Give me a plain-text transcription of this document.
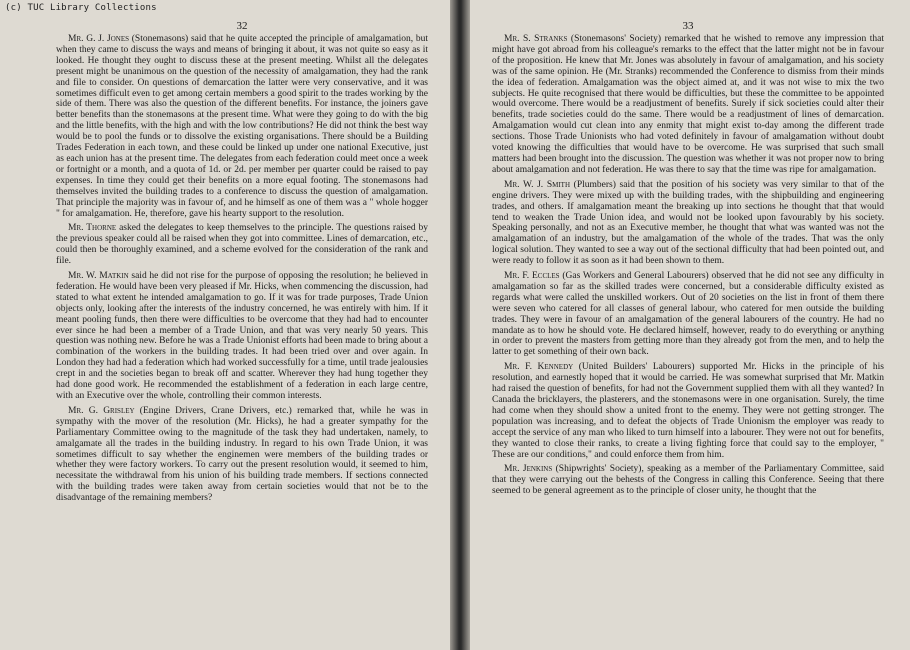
32

Mr. G. J. Jones (Stonemasons) said that he quite accepted the principle of amalgamation, but when they came to discuss the ways and means of bringing it about, it was not quite so easy as it looked. He thought they ought to discuss these at the present meeting. Whilst all the delegates present might be unanimous on the question of the necessity of amalgamation, they had the rank and file to consider. On questions of demarcation the latter were very conservative, and it was sometimes difficult even to get among certain members a good spirit to the trades working by the side of them. There was also the question of the different benefits. For instance, the joiners gave better benefits than the stonemasons at the present time. What were they going to do with the big and the little benefits, with the high and with the low contributions? He did not think the best way would be to pool the funds or to dissolve the existing organisations. There should be a Building Trades Federation in each town, and these could be linked up under one national Executive, just as each union has at the present time. The delegates from each federation could meet once a week or fortnight or a month, and a quota of 1d. or 2d. per member per quarter could be raised to pay expenses. In time they could get their benefits on a more equal footing. The stonemasons had themselves invited the building trades to a conference to discuss the question of amalgamation. That principle the majority was in favour of, and he himself as one of them was a " whole hogger " for amalgamation. He, therefore, gave his hearty support to the resolution.

Mr. Thorne asked the delegates to keep themselves to the principle. The questions raised by the previous speaker could all be raised when they got into committee. Lines of demarcation, etc., could then be thoroughly examined, and a scheme evolved for the consideration of the rank and file.

Mr. W. Matkin said he did not rise for the purpose of opposing the resolution; he believed in federation. He would have been very pleased if Mr. Hicks, when commencing the discussion, had stated to what extent he intended amalgamation to go. If it was for trade purposes, Trade Union objects only, looking after the interests of the industry concerned, he was entirely with him. If it meant pooling funds, then there were difficulties to be overcome that they had had to encounter ever since he had been a member of a Trade Union, and that was very nearly 50 years. This question was nothing new. Before he was a Trade Unionist efforts had been made to bring about a combination of the workers in the building trades. It had been tried over and over again. In London they had had a federation which had worked successfully for a time, until trade jealousies crept in and the societies began to break off and scatter. Wherever they had hung together they had done good work. He recommended the establishment of a federation in each large centre, with an Executive over the whole, controlling their common interests.

Mr. G. Grisley (Engine Drivers, Crane Drivers, etc.) remarked that, while he was in sympathy with the mover of the resolution (Mr. Hicks), he had a greater sympathy for the Parliamentary Committee owing to the magnitude of the task they had undertaken, namely, to amalgamate all the trades in the building industry. In regard to his own Trade Union, it was sometimes difficult to say whether the enginemen were members of the building trades or whether they were factory workers. To carry out the present resolution would, it seemed to him, necessitate the withdrawal from his union of his building trade members. If sections connected with the building trades were taken away from certain societies would that not be to the disadvantage of the remaining members?

33

Mr. S. Stranks (Stonemasons' Society) remarked that he wished to remove any impression that might have got abroad from his colleague's remarks to the effect that the latter might not be in favour of the proposition. He knew that Mr. Jones was absolutely in favour of amalgamation, and his society was of the same opinion. He (Mr. Stranks) recommended the Conference to dismiss from their minds the idea of federation. Amalgamation was the object aimed at, and it was not wise to mix the two subjects. He quite recognised that there would be difficulties, but these the committee to be appointed would overcome. There would be a readjustment of benefits. Surely if sick societies could alter their benefits, trade societies could do the same. There would be a readjustment of lines of demarcation. Amalgamation would cut clean into any enmity that might exist to-day among the different trade sections. Those Trade Unionists who had voted definitely in favour of amalgamation without doubt voted knowing the difficulties that would have to be overcome. He was surprised that such small matters had been brought into the discussion. The question was whether it was not proper now to bring about amalgamation and not federation. He was there to say that the time was ripe for amalgamation.

Mr. W. J. Smith (Plumbers) said that the position of his society was very similar to that of the engine drivers. They were mixed up with the building trades, with the shipbuilding and engineering trades, and others. If amalgamation meant the breaking up into sections he thought that that would tend to weaken the Trade Union idea, and would not be looked upon favourably by his society. Speaking personally, and not as an Executive member, he thought that what was wanted was not the amalgamation of an industry, but the amalgamation of the whole of the trades. That was the only logical solution. They wanted to see a way out of the sectional difficulty that had been pointed out, and were ready to follow it as soon as it had been shown to them.

Mr. F. Eccles (Gas Workers and General Labourers) observed that he did not see any difficulty in amalgamation so far as the skilled trades were concerned, but a considerable difficulty existed as regards what were called the unskilled workers. Out of 20 societies on the list in front of them there were seven who catered for all classes of general labour, who catered for men outside the building trades. They were in favour of an amalgamation of the general labourers of the country. He had no mandate as to how he should vote. He declared himself, however, ready to do everything or anything in order to prevent the masters from getting more than they already got from the men, and to help the latter to get something of their own back.

Mr. F. Kennedy (United Builders' Labourers) supported Mr. Hicks in the principle of his resolution, and earnestly hoped that it would be carried. He was somewhat surprised that Mr. Matkin had raised the question of benefits, for had not the Government supplied them with all they wanted? In Canada the bricklayers, the plasterers, and the stonemasons were in one organisation. Surely, the time had come when they should show a united front to the enemy. They were not getting stronger. The population was increasing, and to defeat the objects of Trade Unionism the employer was ready to accept the service of any man who liked to turn himself into a labourer. They were not out for benefits, they wanted to close their ranks, to create a living fighting force that could say to the employer, " These are our conditions," and could enforce them from him.

Mr. Jenkins (Shipwrights' Society), speaking as a member of the Parliamentary Committee, said that they were carrying out the behests of the Congress in calling this Conference. Seeing that there seemed to be general agreement as to the principle of closer unity, he thought that the

(c) TUC Library Collections
